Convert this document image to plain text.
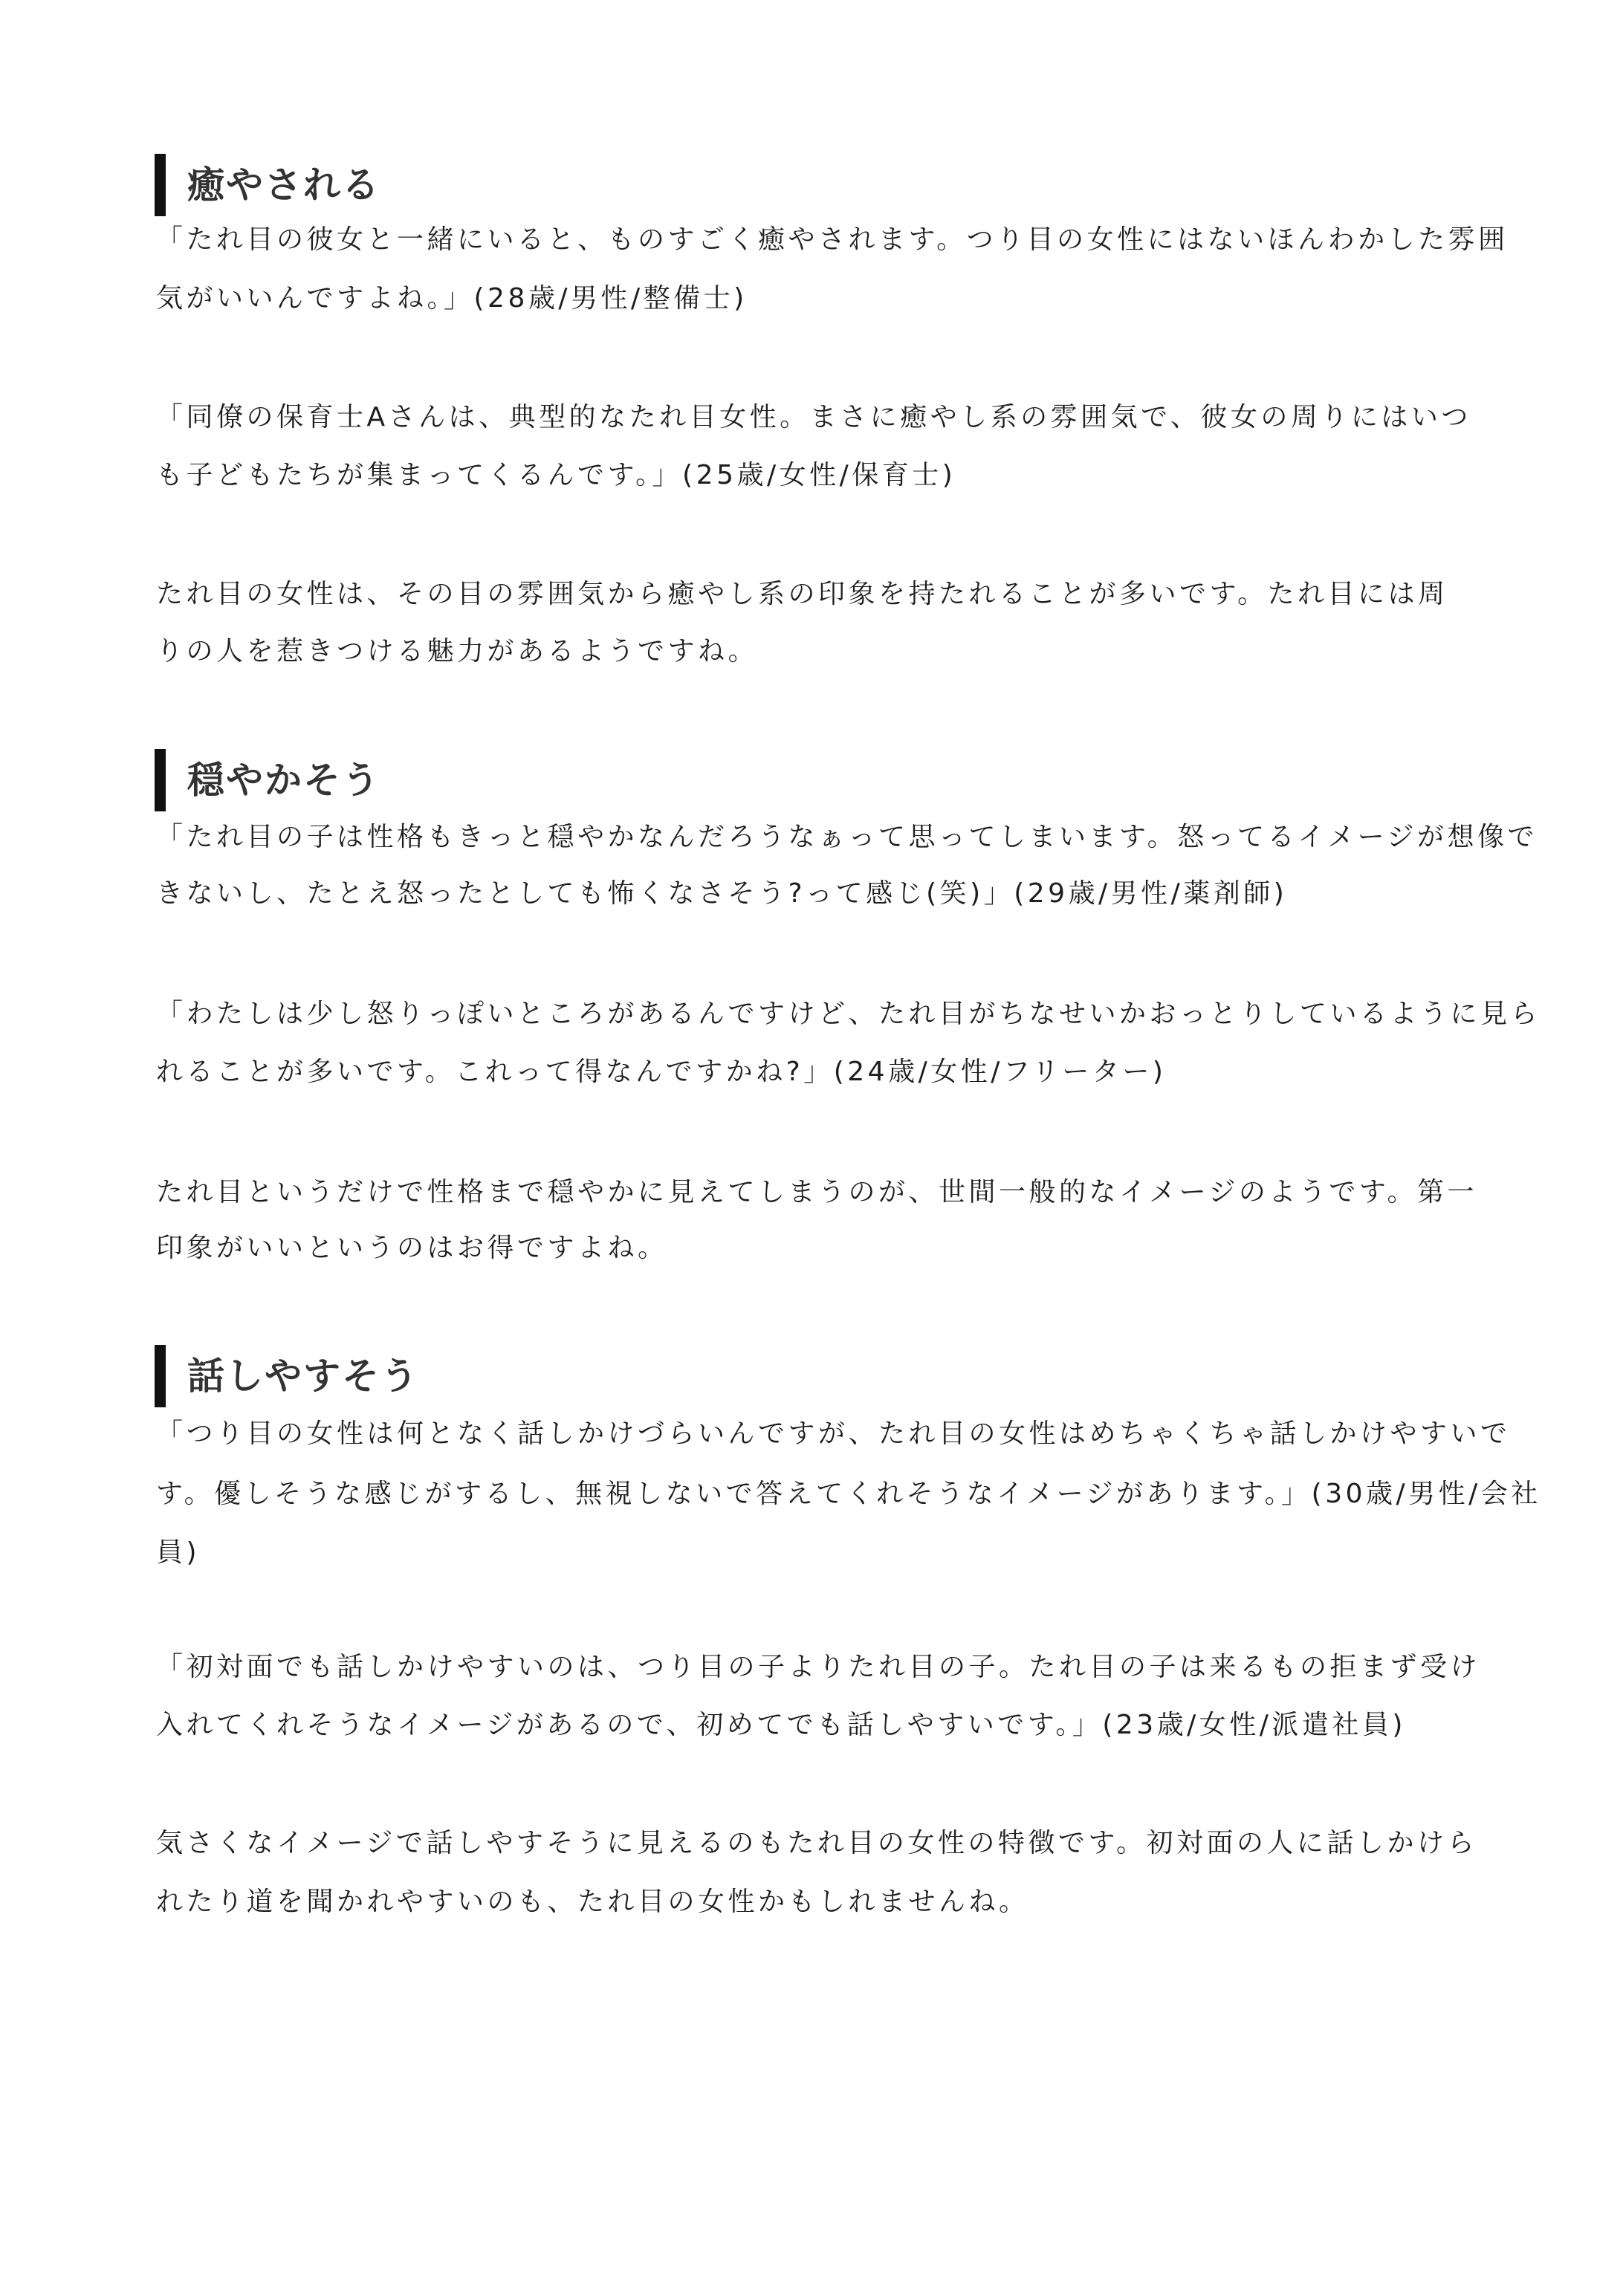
癒やされる
「たれ目の彼女と一緒にいると、ものすごく癒やされます。つり目の女性にはないほんわかした雰囲
気がいいんですよね。」(28歳/男性/整備士)
「同僚の保育士Aさんは、典型的なたれ目女性。まさに癒やし系の雰囲気で、彼女の周りにはいつ
も子どもたちが集まってくるんです。」(25歳/女性/保育士)
たれ目の女性は、その目の雰囲気から癒やし系の印象を持たれることが多いです。たれ目には周
りの人を惹きつける魅力があるようですね。
穏やかそう
「たれ目の子は性格もきっと穏やかなんだろうなぁって思ってしまいます。怒ってるイメージが想像で
きないし、たとえ怒ったとしても怖くなさそう?って感じ(笑)」(29歳/男性/薬剤師)
「わたしは少し怒りっぽいところがあるんですけど、たれ目がちなせいかおっとりしているように見ら
れることが多いです。これって得なんですかね?」(24歳/女性/フリーター)
たれ目というだけで性格まで穏やかに見えてしまうのが、世間一般的なイメージのようです。第一
印象がいいというのはお得ですよね。
話しやすそう
「つり目の女性は何となく話しかけづらいんですが、たれ目の女性はめちゃくちゃ話しかけやすいで
す。優しそうな感じがするし、無視しないで答えてくれそうなイメージがあります。」(30歳/男性/会社
員)
「初対面でも話しかけやすいのは、つり目の子よりたれ目の子。たれ目の子は来るもの拒まず受け
入れてくれそうなイメージがあるので、初めてでも話しやすいです。」(23歳/女性/派遣社員)
気さくなイメージで話しやすそうに見えるのもたれ目の女性の特徴です。初対面の人に話しかけら
れたり道を聞かれやすいのも、たれ目の女性かもしれませんね。
